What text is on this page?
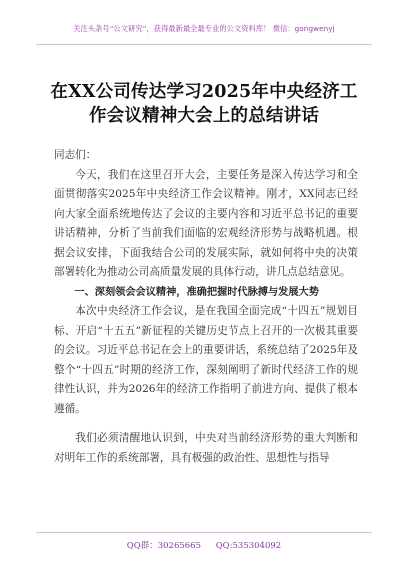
关注头条号“公文研究”，获得最新最全最专业的公文资料库！ 微信：gongwenyj
在XX公司传达学习2025年中央经济工
作会议精神大会上的总结讲话

同志们：

今天，我们在这里召开大会，主要任务是深入传达学习和全面贯彻落实2025年中央经济工作会议精神。刚才，XX同志已经向大家全面系统地传达了会议的主要内容和习近平总书记的重要讲话精神，分析了当前我们面临的宏观经济形势与战略机遇。根据会议安排，下面我结合公司的发展实际，就如何将中央的决策部署转化为推动公司高质量发展的具体行动，讲几点总结意见。

一、深刻领会会议精神，准确把握时代脉搏与发展大势

本次中央经济工作会议，是在我国全面完成“十四五”规划目标、开启“十五五”新征程的关键历史节点上召开的一次极其重要的会议。习近平总书记在会上的重要讲话，系统总结了2025年及整个“十四五”时期的经济工作，深刻阐明了新时代经济工作的规律性认识，并为2026年的经济工作指明了前进方向、提供了根本遵循。

我们必须清醒地认识到，中央对当前经济形势的重大判断和对明年工作的系统部署，具有极强的政治性、思想性与指导

QQ群：30265665 QQ:535304092
